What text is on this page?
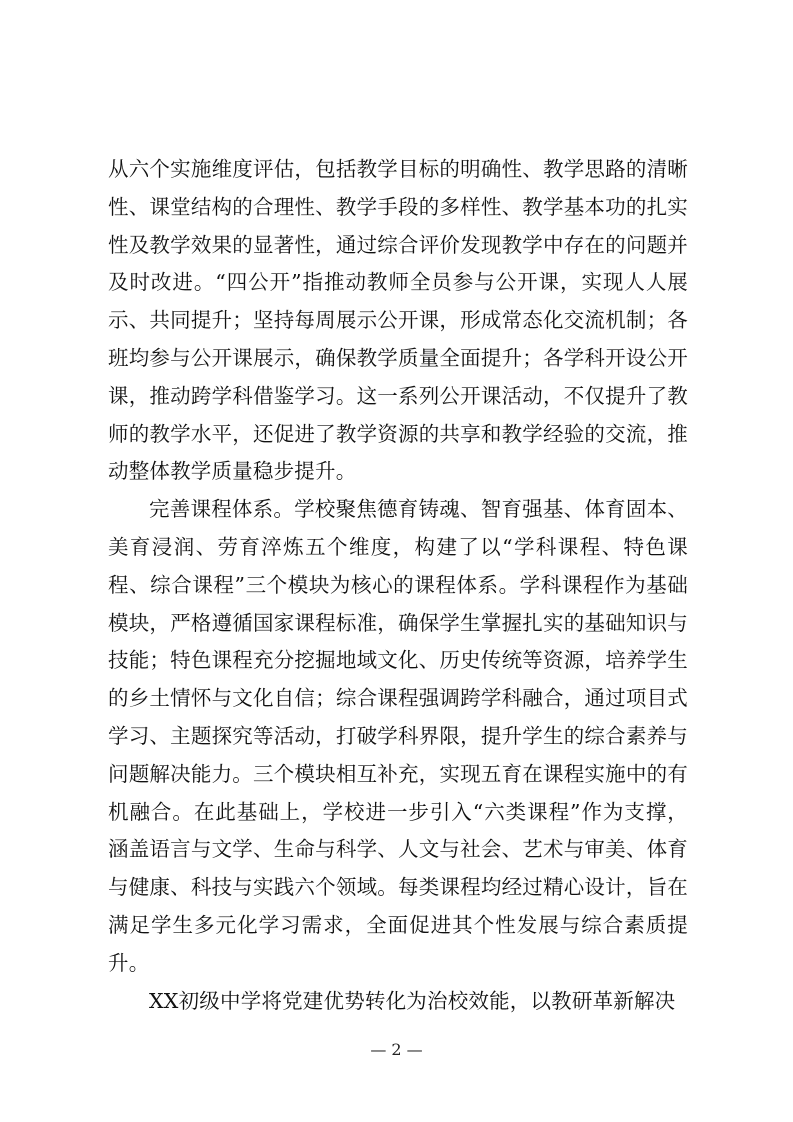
从六个实施维度评估，包括教学目标的明确性、教学思路的清晰性、课堂结构的合理性、教学手段的多样性、教学基本功的扎实性及教学效果的显著性，通过综合评价发现教学中存在的问题并及时改进。“四公开”指推动教师全员参与公开课，实现人人展示、共同提升；坚持每周展示公开课，形成常态化交流机制；各班均参与公开课展示，确保教学质量全面提升；各学科开设公开课，推动跨学科借鉴学习。这一系列公开课活动，不仅提升了教师的教学水平，还促进了教学资源的共享和教学经验的交流，推动整体教学质量稳步提升。

完善课程体系。学校聚焦德育铸魂、智育强基、体育固本、美育浸润、劳育淬炼五个维度，构建了以“学科课程、特色课程、综合课程”三个模块为核心的课程体系。学科课程作为基础模块，严格遵循国家课程标准，确保学生掌握扎实的基础知识与技能；特色课程充分挖掘地域文化、历史传统等资源，培养学生的乡土情怀与文化自信；综合课程强调跨学科融合，通过项目式学习、主题探究等活动，打破学科界限，提升学生的综合素养与问题解决能力。三个模块相互补充，实现五育在课程实施中的有机融合。在此基础上，学校进一步引入“六类课程”作为支撑，涵盖语言与文学、生命与科学、人文与社会、艺术与审美、体育与健康、科技与实践六个领域。每类课程均经过精心设计，旨在满足学生多元化学习需求，全面促进其个性发展与综合素质提升。

XX初级中学将党建优势转化为治校效能，以教研革新解决

— 2 —
